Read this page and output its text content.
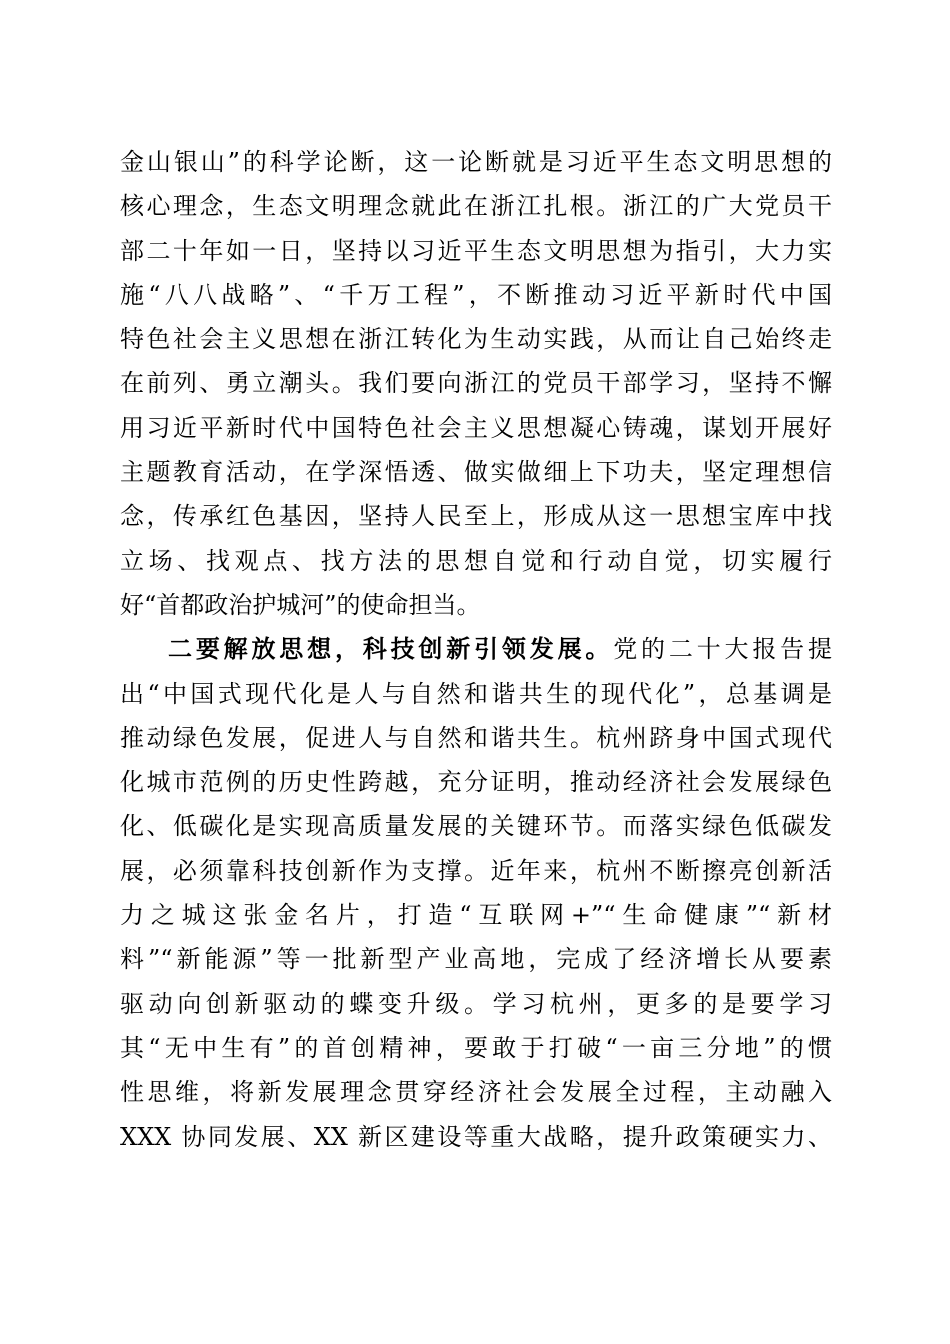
金山银山”的科学论断，这一论断就是习近平生态文明思想的
核心理念，生态文明理念就此在浙江扎根。浙江的广大党员干
部二十年如一日，坚持以习近平生态文明思想为指引，大力实
施“八八战略”、“千万工程”，不断推动习近平新时代中国
特色社会主义思想在浙江转化为生动实践，从而让自己始终走
在前列、勇立潮头。我们要向浙江的党员干部学习，坚持不懈
用习近平新时代中国特色社会主义思想凝心铸魂，谋划开展好
主题教育活动，在学深悟透、做实做细上下功夫，坚定理想信
念，传承红色基因，坚持人民至上，形成从这一思想宝库中找
立场、找观点、找方法的思想自觉和行动自觉，切实履行
好“首都政治护城河”的使命担当。
二要解放思想，科技创新引领发展。党的二十大报告提
出“中国式现代化是人与自然和谐共生的现代化”，总基调是
推动绿色发展，促进人与自然和谐共生。杭州跻身中国式现代
化城市范例的历史性跨越，充分证明，推动经济社会发展绿色
化、低碳化是实现高质量发展的关键环节。而落实绿色低碳发
展，必须靠科技创新作为支撑。近年来，杭州不断擦亮创新活
力之城这张金名片，打造“互联网+”“生命健康”“新材
料”“新能源”等一批新型产业高地，完成了经济增长从要素
驱动向创新驱动的蝶变升级。学习杭州，更多的是要学习
其“无中生有”的首创精神，要敢于打破“一亩三分地”的惯
性思维，将新发展理念贯穿经济社会发展全过程，主动融入
XXX 协同发展、XX 新区建设等重大战略，提升政策硬实力、
